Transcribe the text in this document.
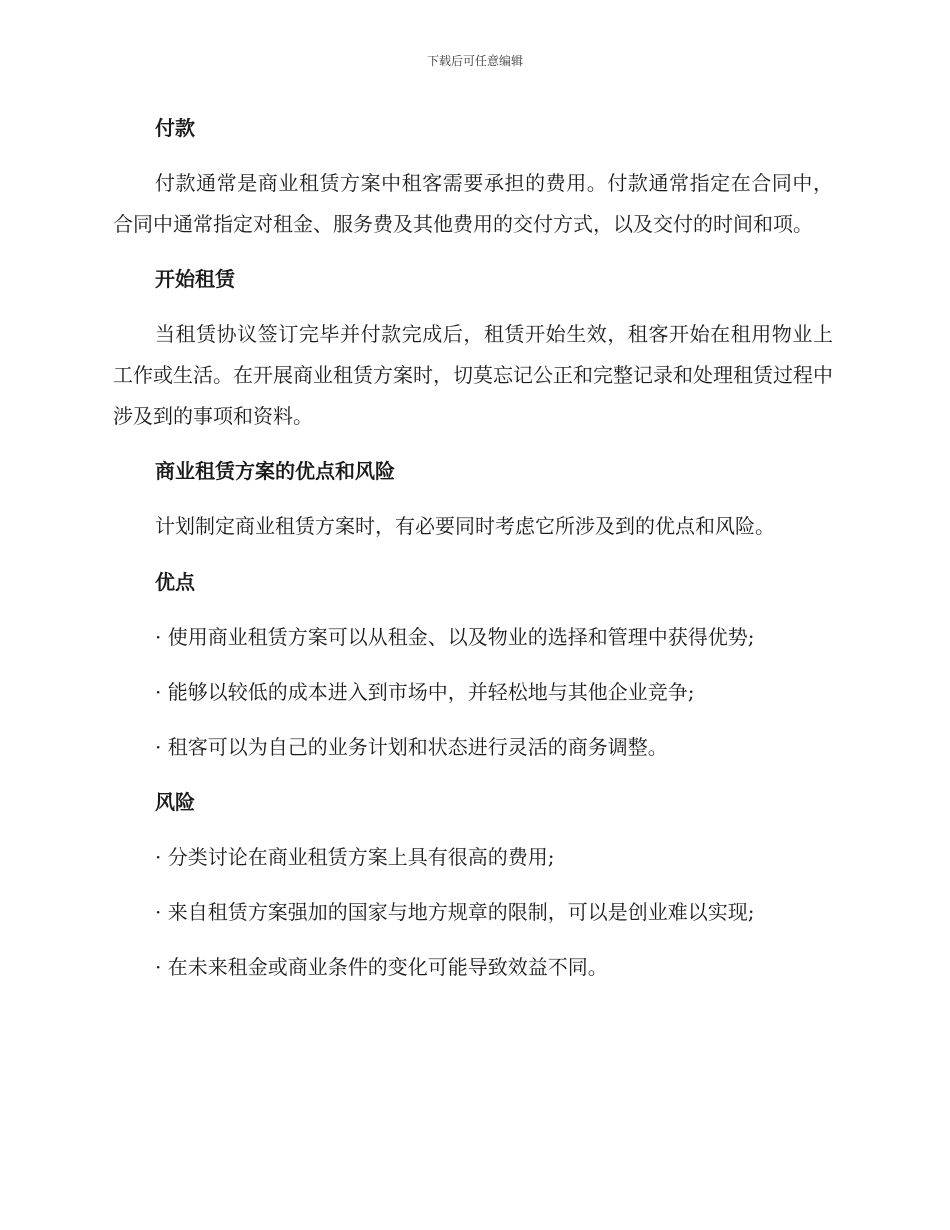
下载后可任意编辑
付款

付款通常是商业租赁方案中租客需要承担的费用。付款通常指定在合同中，合同中通常指定对租金、服务费及其他费用的交付方式，以及交付的时间和项。

开始租赁

当租赁协议签订完毕并付款完成后，租赁开始生效，租客开始在租用物业上工作或生活。在开展商业租赁方案时，切莫忘记公正和完整记录和处理租赁过程中涉及到的事项和资料。

商业租赁方案的优点和风险

计划制定商业租赁方案时，有必要同时考虑它所涉及到的优点和风险。

优点

· 使用商业租赁方案可以从租金、以及物业的选择和管理中获得优势;

· 能够以较低的成本进入到市场中，并轻松地与其他企业竞争;

· 租客可以为自己的业务计划和状态进行灵活的商务调整。

风险

· 分类讨论在商业租赁方案上具有很高的费用;

· 来自租赁方案强加的国家与地方规章的限制，可以是创业难以实现;

· 在未来租金或商业条件的变化可能导致效益不同。
